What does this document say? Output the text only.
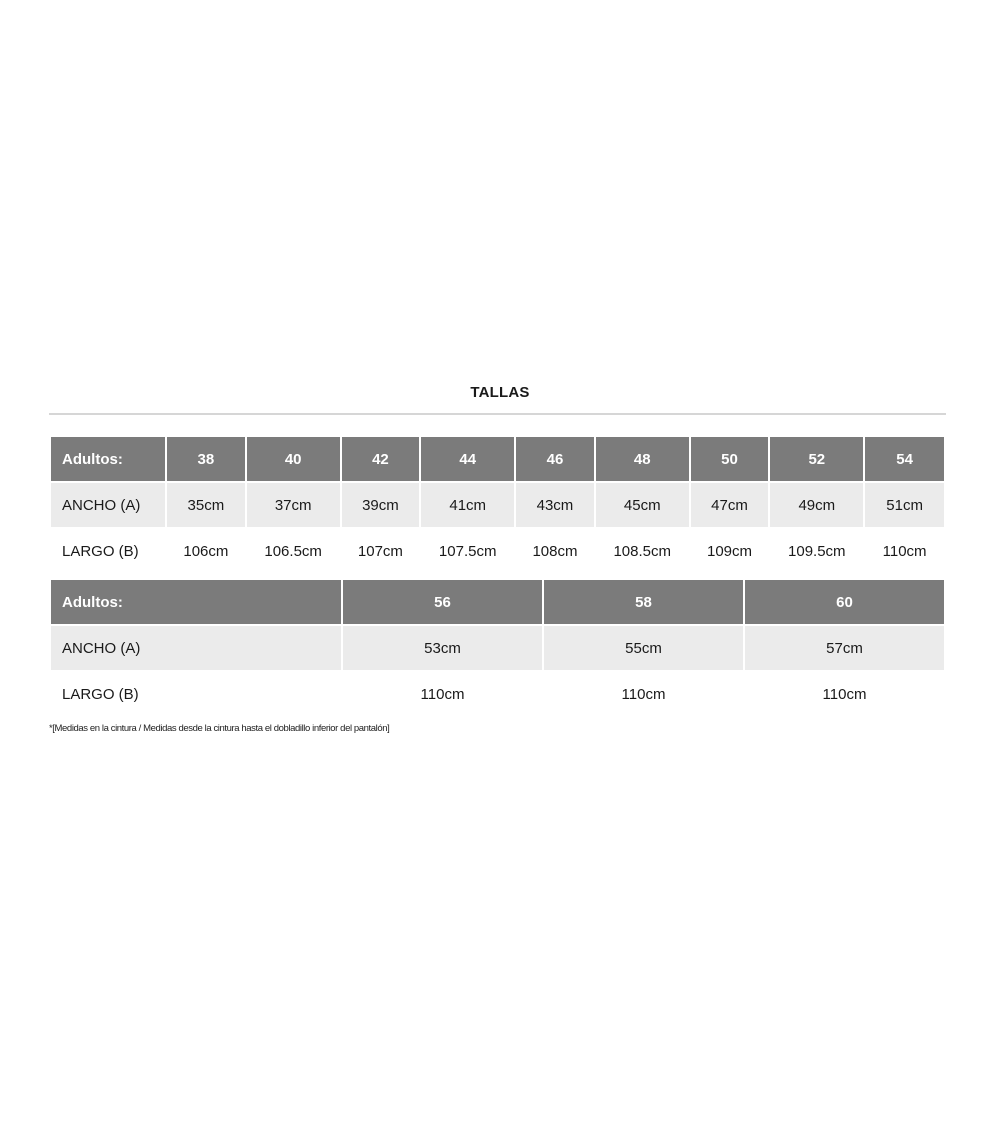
TALLAS
Adultos:	38	40	42	44	46	48	50	52	54
ANCHO (A)	35cm	37cm	39cm	41cm	43cm	45cm	47cm	49cm	51cm
LARGO (B)	106cm	106.5cm	107cm	107.5cm	108cm	108.5cm	109cm	109.5cm	110cm
Adultos:	56	58	60
ANCHO (A)	53cm	55cm	57cm
LARGO (B)	110cm	110cm	110cm
*[Medidas en la cintura / Medidas desde la cintura hasta el dobladillo inferior del pantalón]
